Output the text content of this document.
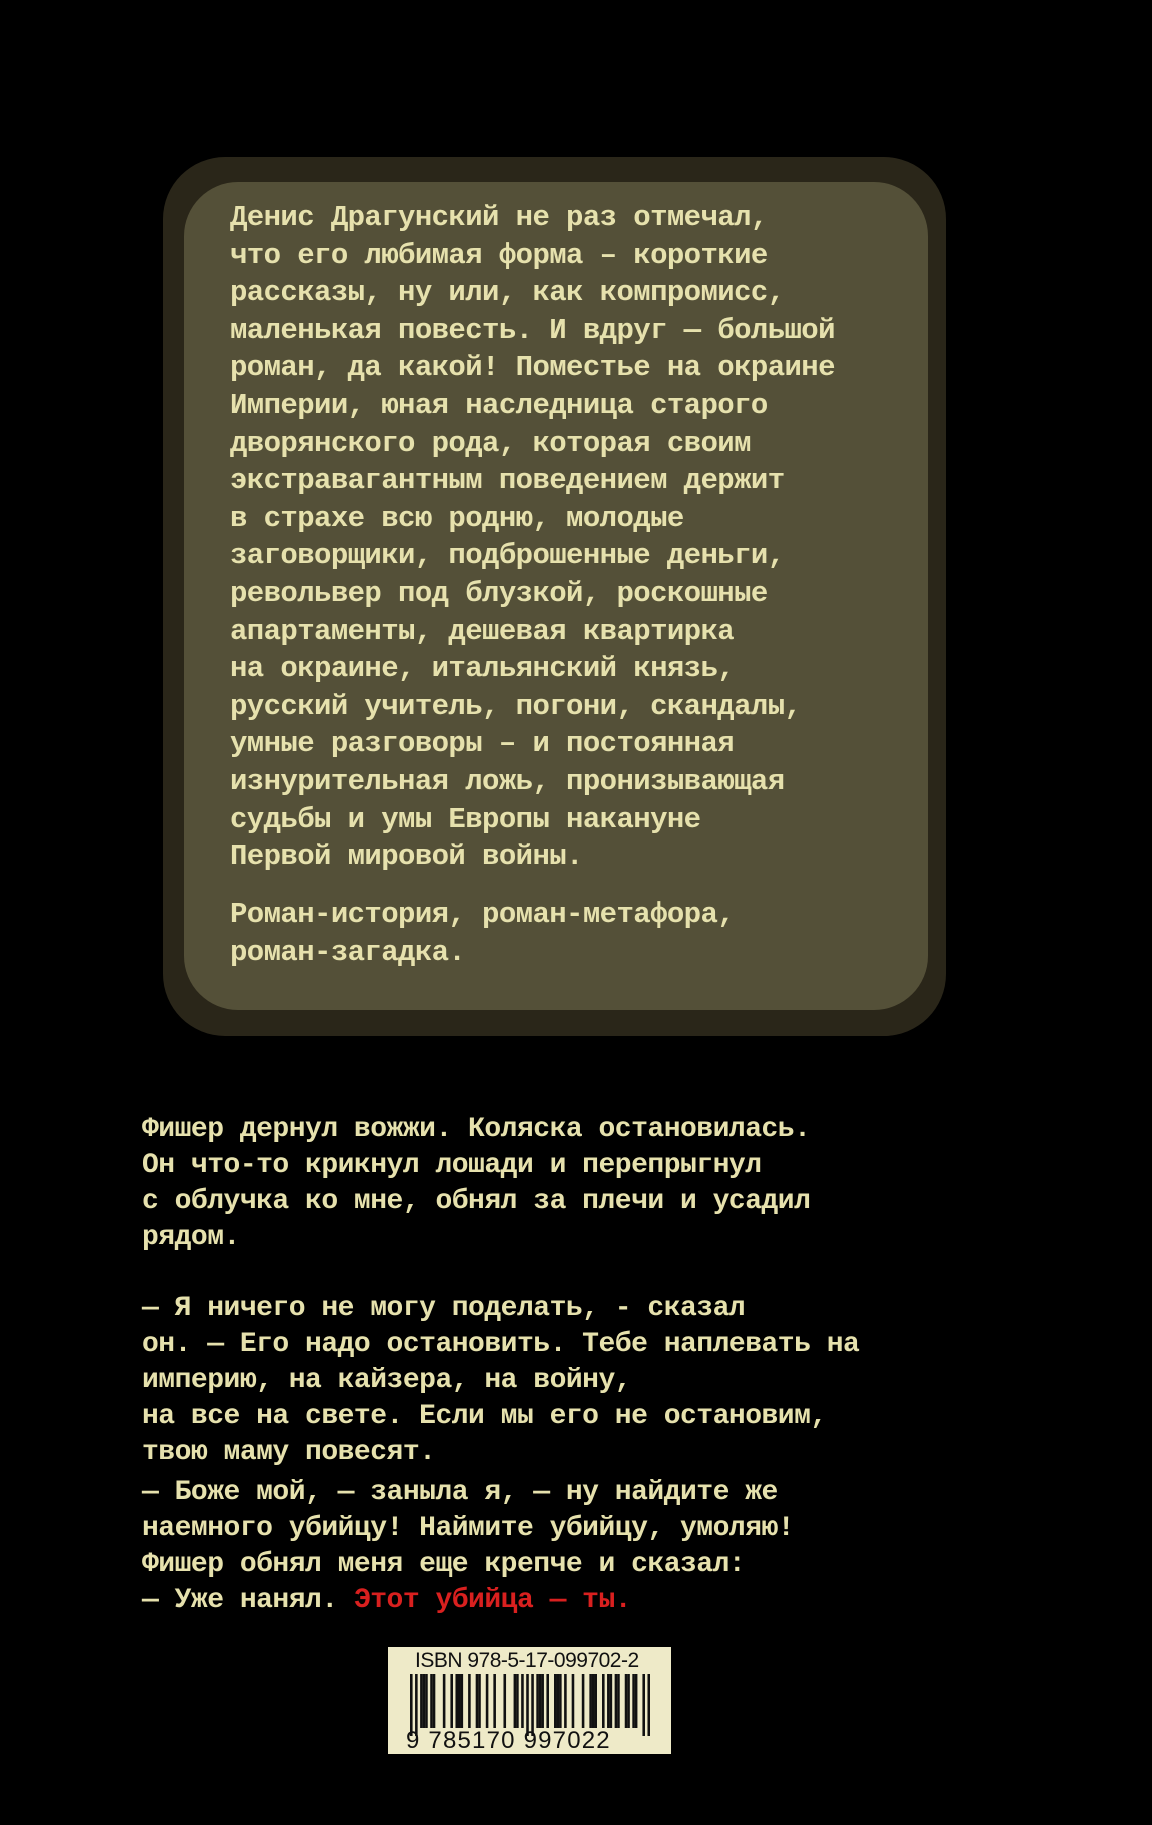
Денис Драгунский не раз отмечал,
что его любимая форма – короткие
рассказы, ну или, как компромисс,
маленькая повесть. И вдруг — большой
роман, да какой! Поместье на окраине
Империи, юная наследница старого
дворянского рода, которая своим
экстравагантным поведением держит
в страхе всю родню, молодые
заговорщики, подброшенные деньги,
револьвер под блузкой, роскошные
апартаменты, дешевая квартирка
на окраине, итальянский князь,
русский учитель, погони, скандалы,
умные разговоры – и постоянная
изнурительная ложь, пронизывающая
судьбы и умы Европы накануне
Первой мировой войны.
Роман-история, роман-метафора,
роман-загадка.
Фишер дернул вожжи. Коляска остановилась.
Он что-то крикнул лошади и перепрыгнул
с облучка ко мне, обнял за плечи и усадил
рядом.
— Я ничего не могу поделать, - сказал
он. — Его надо остановить. Тебе наплевать на
империю, на кайзера, на войну,
на все на свете. Если мы его не остановим,
твою маму повесят.
— Боже мой, — заныла я, — ну найдите же
наемного убийцу! Наймите убийцу, умоляю!
Фишер обнял меня еще крепче и сказал:
— Уже нанял. Этот убийца — ты.
ISBN 978-5-17-099702-2
9 785170 997022
